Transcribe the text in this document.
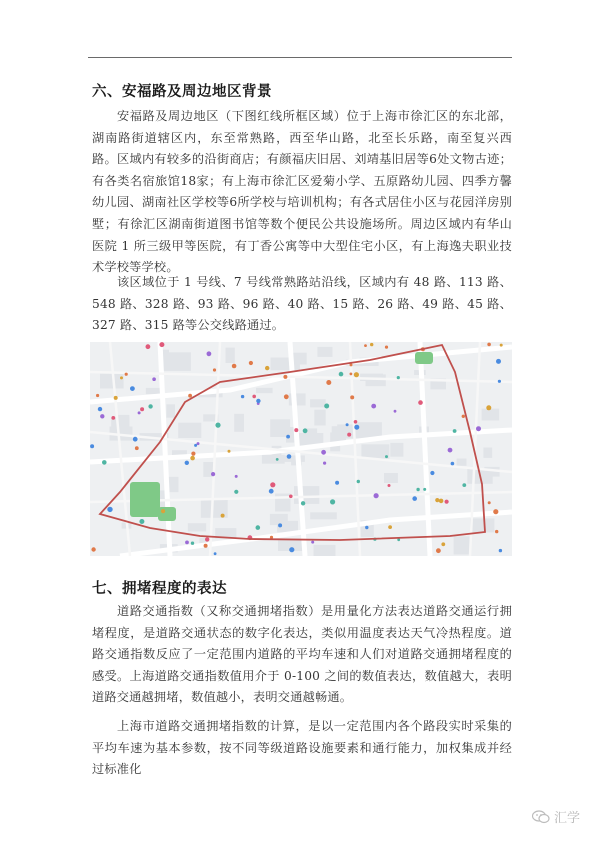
六、安福路及周边地区背景

安福路及周边地区（下图红线所框区域）位于上海市徐汇区的东北部，湖南路街道辖区内，东至常熟路，西至华山路，北至长乐路，南至复兴西路。区域内有较多的沿街商店；有颜福庆旧居、刘靖基旧居等6处文物古迹；有各类名宿旅馆18家；有上海市徐汇区爱菊小学、五原路幼儿园、四季方馨幼儿园、湖南社区学校等6所学校与培训机构；有各式居住小区与花园洋房别墅；有徐汇区湖南街道图书馆等数个便民公共设施场所。周边区域内有华山医院 1 所三级甲等医院，有丁香公寓等中大型住宅小区，有上海逸夫职业技术学校等学校。

该区域位于 1 号线、7 号线常熟路站沿线，区域内有 48 路、113 路、548 路、328 路、93 路、96 路、40 路、15 路、26 路、49 路、45 路、327 路、315 路等公交线路通过。

七、拥堵程度的表达

道路交通指数（又称交通拥堵指数）是用量化方法表达道路交通运行拥堵程度，是道路交通状态的数字化表达，类似用温度表达天气冷热程度。道路交通指数反应了一定范围内道路的平均车速和人们对道路交通拥堵程度的感受。上海道路交通指数值用介于 0-100 之间的数值表达，数值越大，表明道路交通越拥堵，数值越小，表明交通越畅通。

上海市道路交通拥堵指数的计算，是以一定范围内各个路段实时采集的平均车速为基本参数，按不同等级道路设施要素和通行能力，加权集成并经过标准化

汇学
